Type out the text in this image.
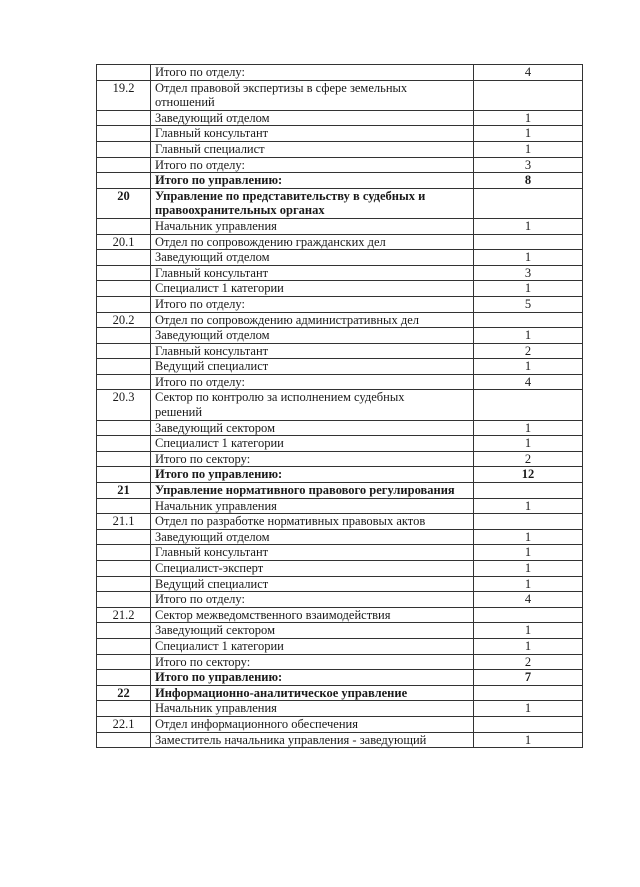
	Итого по отделу:	4
19.2	Отдел правовой экспертизы в сфере земельных отношений	
	Заведующий отделом	1
	Главный консультант	1
	Главный специалист	1
	Итого по отделу:	3
	Итого по управлению:	8
20	Управление по представительству в судебных и правоохранительных органах	
	Начальник управления	1
20.1	Отдел по сопровождению гражданских дел	
	Заведующий отделом	1
	Главный консультант	3
	Специалист 1 категории	1
	Итого по отделу:	5
20.2	Отдел по сопровождению административных дел	
	Заведующий отделом	1
	Главный консультант	2
	Ведущий специалист	1
	Итого по отделу:	4
20.3	Сектор по контролю за исполнением судебных
решений	

	Заведующий сектором	1
	Специалист 1 категории	1
	Итого по сектору:	2
	Итого по управлению:	12
21	Управление нормативного правового регулирования	
	Начальник управления	1
21.1	Отдел по разработке нормативных правовых актов	
	Заведующий отделом	1
	Главный консультант	1
	Специалист-эксперт	1
	Ведущий специалист	1
	Итого по отделу:	4
21.2	Сектор межведомственного взаимодействия	
	Заведующий сектором	1
	Специалист 1 категории	1
	Итого по сектору:	2
	Итого по управлению:	7
22	Информационно-аналитическое управление	
	Начальник управления	1
22.1	Отдел информационного обеспечения	
	Заместитель начальника управления - заведующий	1
